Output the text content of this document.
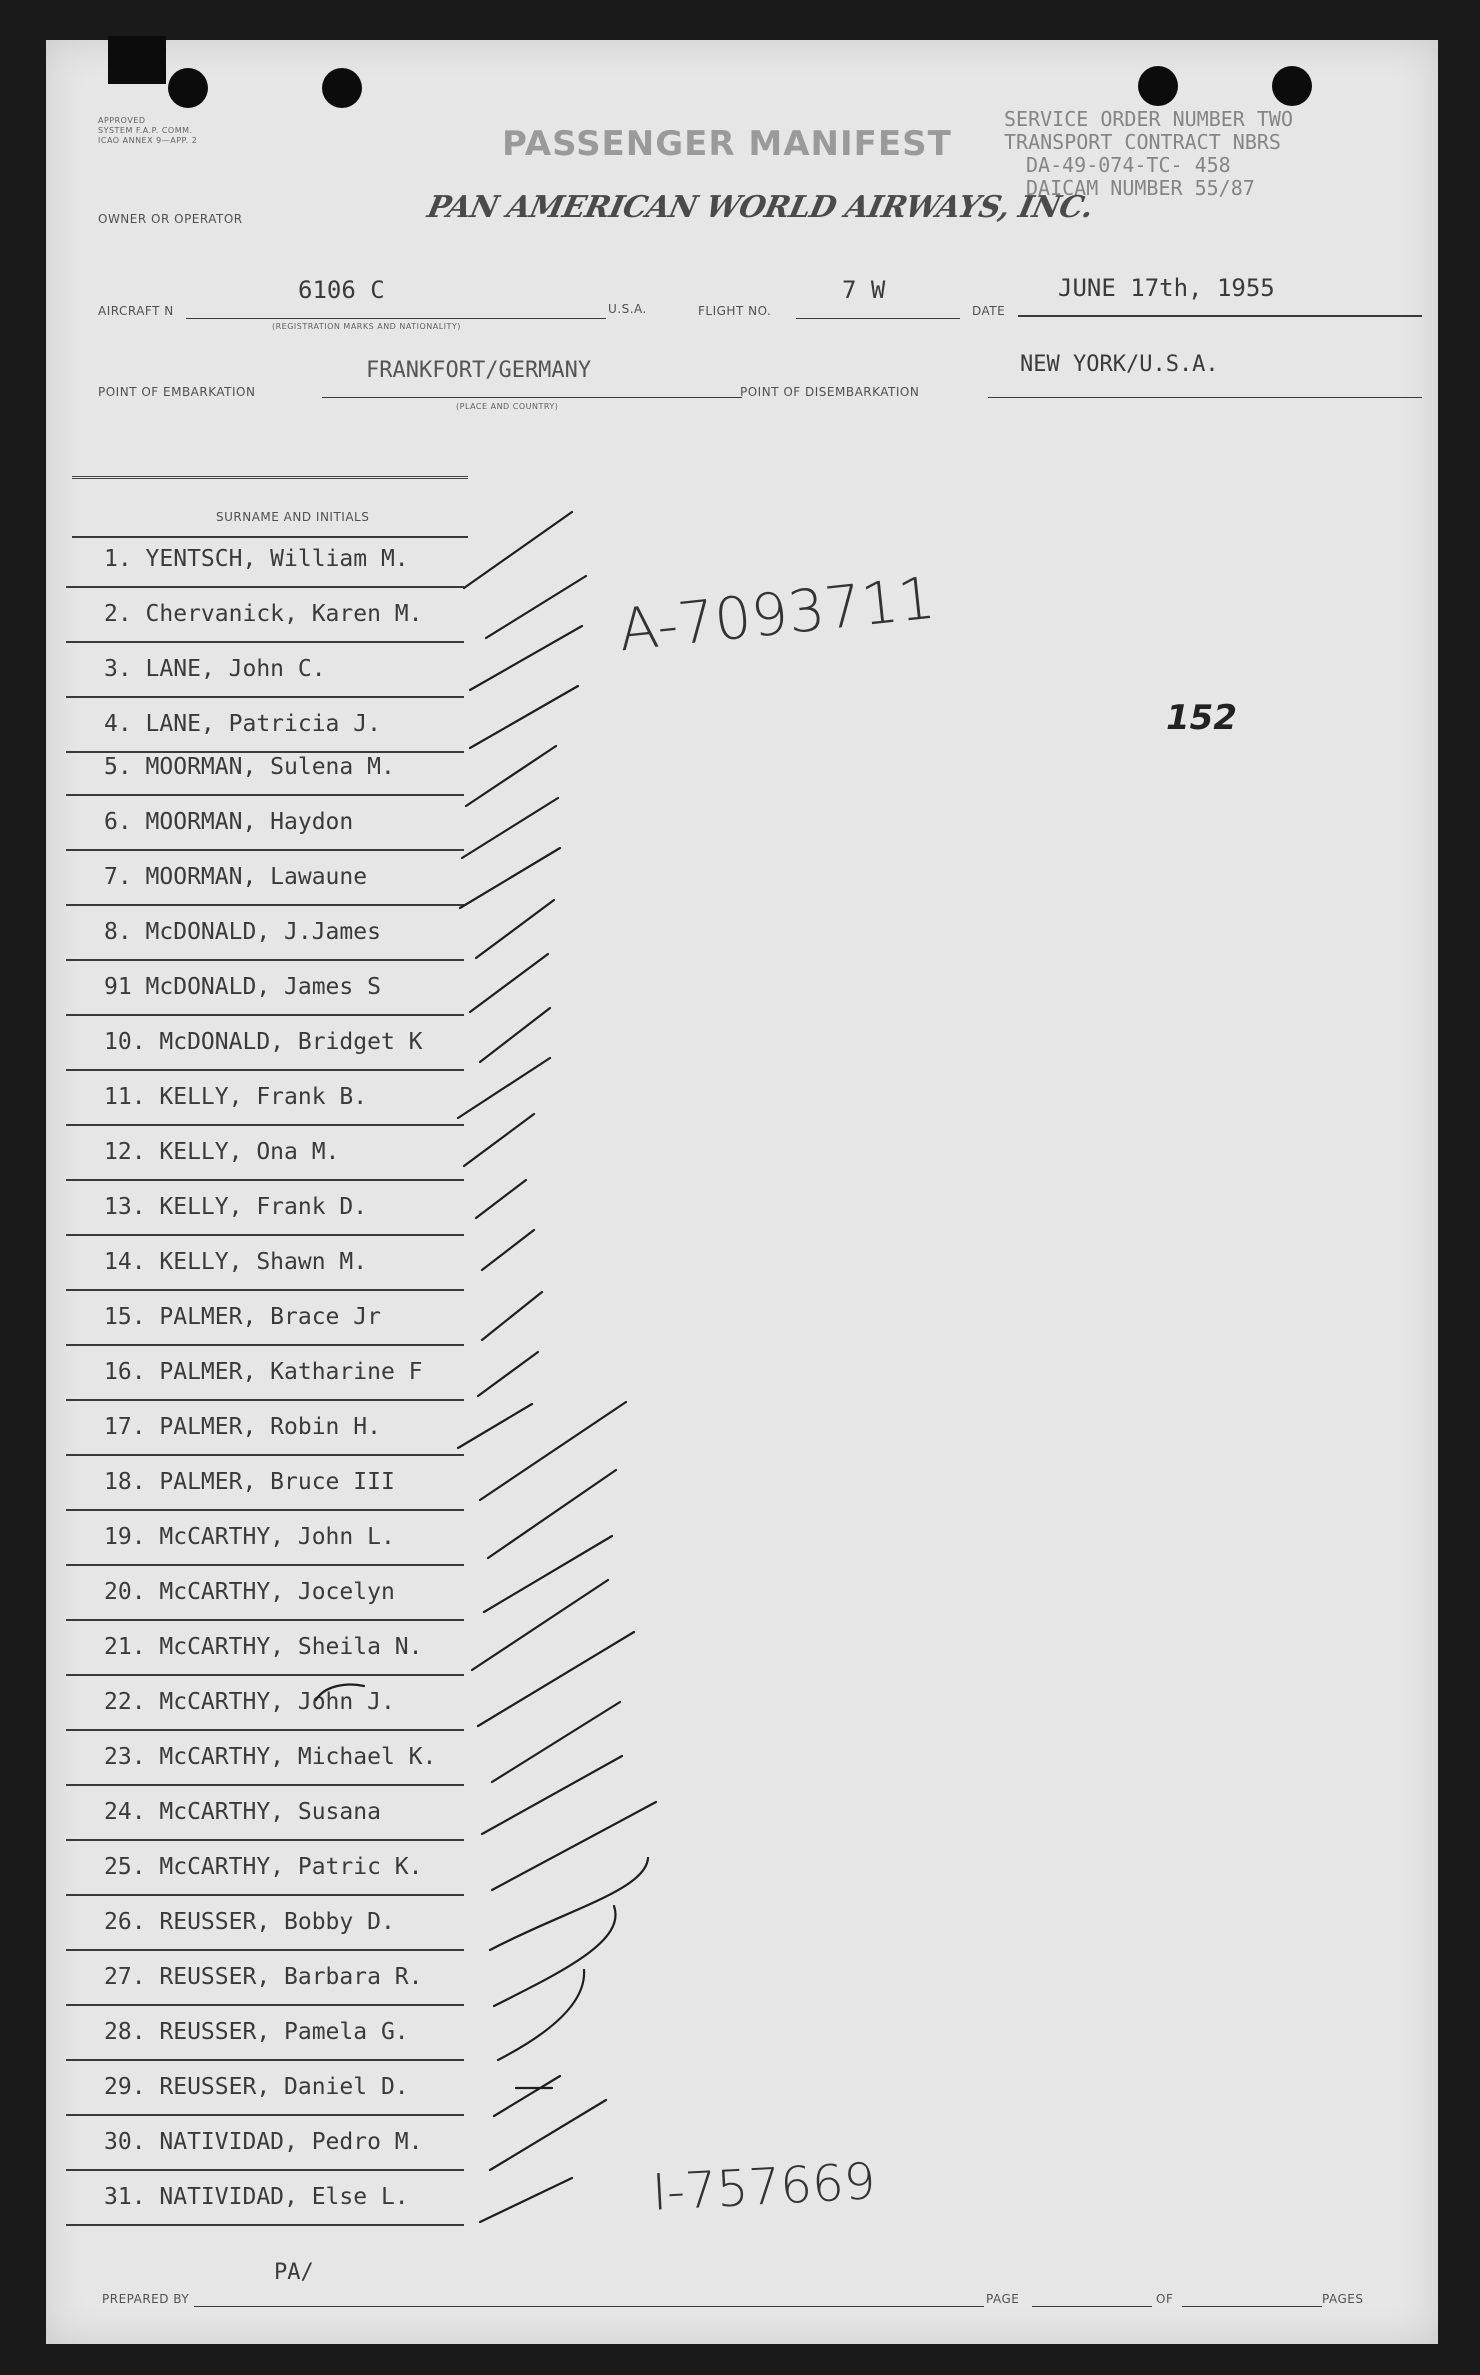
APPROVED
SYSTEM F.A.P. COMM.
ICAO ANNEX 9—APP. 2	PASSENGER MANIFEST
SERVICE ORDER NUMBER TWO
TRANSPORT CONTRACT NBRS
DA-49-074-TC- 458
DAICAM NUMBER 55/87
OWNER OR OPERATOR	PAN AMERICAN WORLD AIRWAYS, INC.
AIRCRAFT N
6106 C
(REGISTRATION MARKS AND NATIONALITY)
U.S.A.	FLIGHT NO.
7 W
DATE
JUNE 17th, 1955
POINT OF EMBARKATION
FRANKFORT/GERMANY
(PLACE AND COUNTRY)
POINT OF DISEMBARKATION
NEW YORK/U.S.A.
SURNAME AND INITIALS
1. YENTSCH, William M.
2. Chervanick, Karen M.
3. LANE, John C.
4. LANE, Patricia J.
5. MOORMAN, Sulena M.
6. MOORMAN, Haydon
7. MOORMAN, Lawaune
8. McDONALD, J.James
91 McDONALD, James S
10. McDONALD, Bridget K
11. KELLY, Frank B.
12. KELLY, Ona M.
13. KELLY, Frank D.
14. KELLY, Shawn M.
15. PALMER, Brace Jr
16. PALMER, Katharine F
17. PALMER, Robin H.
18. PALMER, Bruce III
19. McCARTHY, John L.
20. McCARTHY, Jocelyn
21. McCARTHY, Sheila N.
22. McCARTHY, John J.
23. McCARTHY, Michael K.
24. McCARTHY, Susana
25. McCARTHY, Patric K.
26. REUSSER, Bobby D.
27. REUSSER, Barbara R.
28. REUSSER, Pamela G.
29. REUSSER, Daniel D.
30. NATIVIDAD, Pedro M.
31. NATIVIDAD, Else L.
A-7093711
152
I-757669
PREPARED BY
PA/
PAGE	OF	PAGES
